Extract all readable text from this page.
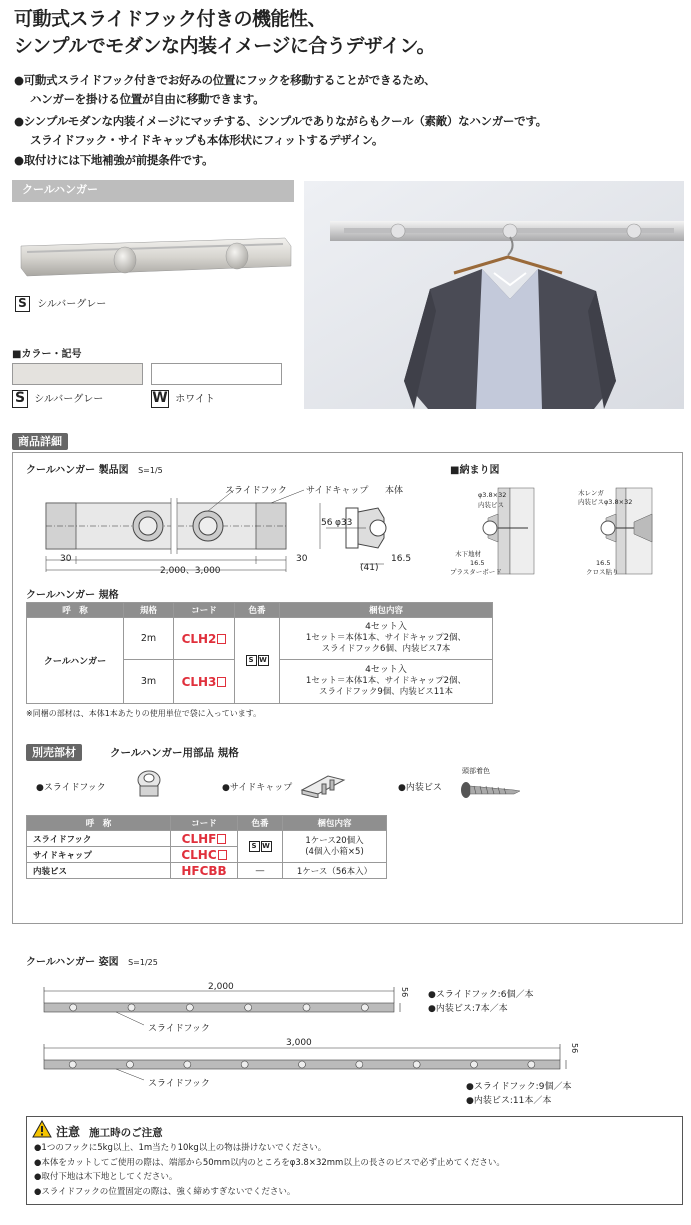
可動式スライドフック付きの機能性、
シンプルでモダンな内装イメージに合うデザイン。
●可動式スライドフック付きでお好みの位置にフックを移動することができるため、
ハンガーを掛ける位置が自由に移動できます。
●シンプルモダンな内装イメージにマッチする、シンプルでありながらもクール（素敵）なハンガーです。
スライドフック・サイドキャップも本体形状にフィットするデザイン。
●取付けには下地補強が前提条件です。
クールハンガー
S シルバーグレー
■カラー・記号
S シルバーグレー	W ホワイト
商品詳細
クールハンガー 製品図 S=1/5
スライドフック サイドキャップ 本体
30	30
2,000、3,000
56 φ33
(41)
16.5
■納まり図
φ3.8×32
内装ビス
木下地材
16.5
プラスターボード
木レンガ
内装ビスφ3.8×32
16.5
クロス貼り
クールハンガー 規格
呼　称	規格	コード	色番	梱包内容
クールハンガー	2m	CLH2	S W	4セット入
1セット＝本体1本、サイドキャップ2個、
スライドフック6個、内装ビス7本

	3m	CLH3		4セット入
1セット＝本体1本、サイドキャップ2個、
スライドフック9個、内装ビス11本
※同梱の部材は、本体1本あたりの使用単位で袋に入っています。
別売部材	クールハンガー用部品 規格
●スライドフック	●サイドキャップ	●内装ビス
頭部着色
呼　称	コード	色番	梱包内容
スライドフック	CLHF	S W	1ケース20個入
(4個入小箱×5)

サイドキャップ	CLHC		
内装ビス	HFCBB	―	1ケース（56本入）
クールハンガー 姿図 S=1/25
2,000	56
スライドフック
●スライドフック:6個／本
●内装ビス:7本／本
3,000	56
スライドフック	●スライドフック:9個／本
●内装ビス:11本／本
注意 施工時のご注意
●1つのフックに5kg以上、1m当たり10kg以上の物は掛けないでください。
●本体をカットしてご使用の際は、端部から50mm以内のところをφ3.8×32mm以上の長さのビスで必ず止めてください。
●取付下地は木下地としてください。
●スライドフックの位置固定の際は、強く締めすぎないでください。
